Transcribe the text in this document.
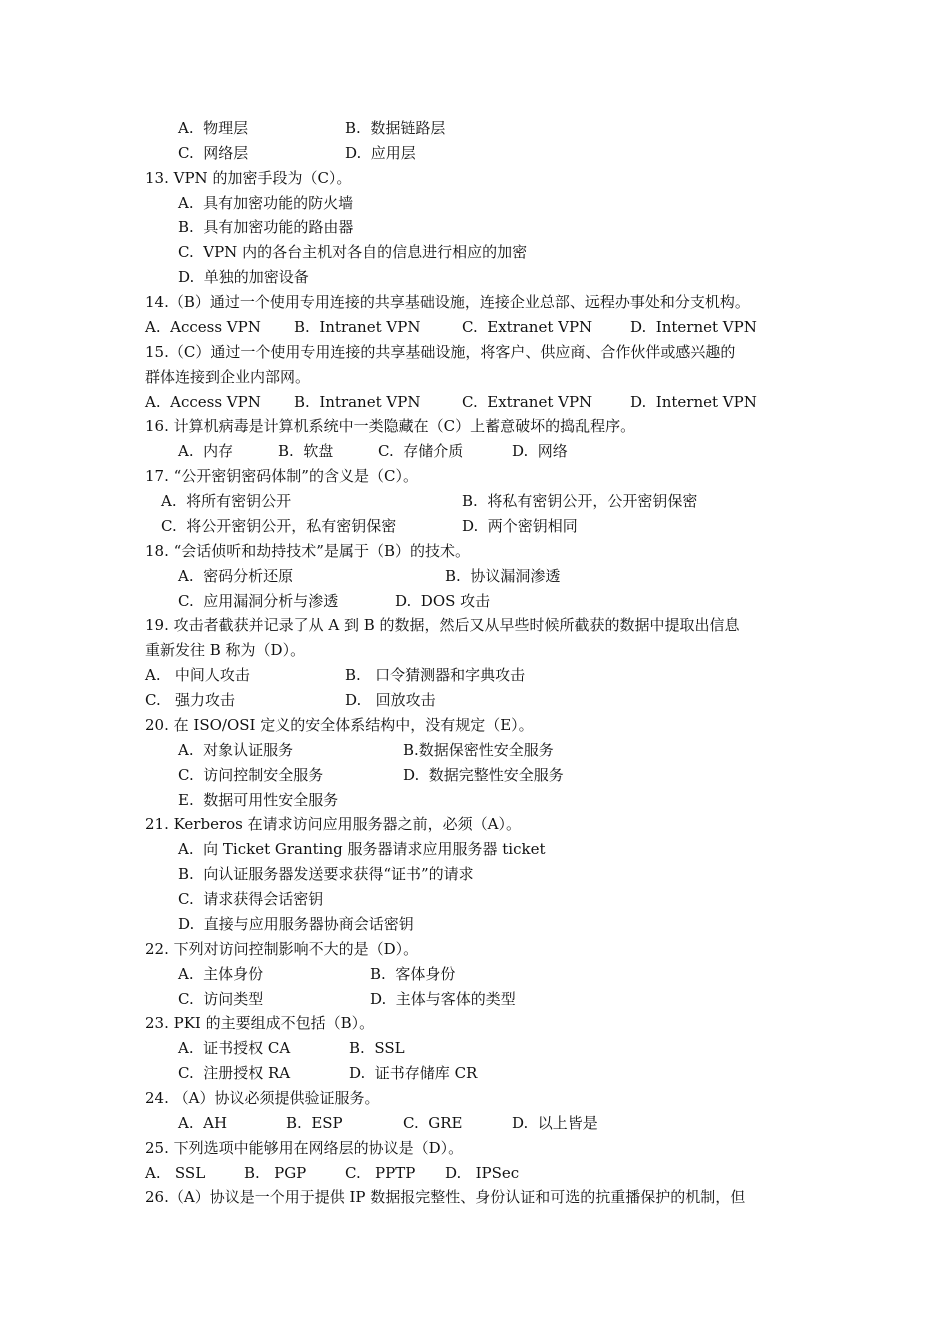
A.  物理层	B.  数据链路层
C.  网络层	D.  应用层
13. VPN 的加密手段为（C）。
A.  具有加密功能的防火墙
B.  具有加密功能的路由器
C.  VPN 内的各台主机对各自的信息进行相应的加密
D.  单独的加密设备
14.（B）通过一个使用专用连接的共享基础设施，连接企业总部、远程办事处和分支机构。
A.  Access VPN B.  Intranet VPN	C.  Extranet VPN	D.  Internet VPN
15.（C）通过一个使用专用连接的共享基础设施，将客户、供应商、合作伙伴或感兴趣的
群体连接到企业内部网。
A.  Access VPN B.  Intranet VPN	C.  Extranet VPN	D.  Internet VPN
16. 计算机病毒是计算机系统中一类隐藏在（C）上蓄意破坏的捣乱程序。
A.  内存	B.  软盘	C.  存储介质	D.  网络
17. “公开密钥密码体制”的含义是（C）。
A.  将所有密钥公开	B.  将私有密钥公开，公开密钥保密
C.  将公开密钥公开，私有密钥保密	D.  两个密钥相同
18. “会话侦听和劫持技术”是属于（B）的技术。
A.  密码分析还原	B.  协议漏洞渗透
C.  应用漏洞分析与渗透	D.  DOS 攻击
19. 攻击者截获并记录了从 A 到 B 的数据，然后又从早些时候所截获的数据中提取出信息
重新发往 B 称为（D）。
A.   中间人攻击	B.   口令猜测器和字典攻击
C.   强力攻击	D.   回放攻击
20. 在 ISO/OSI 定义的安全体系结构中，没有规定（E）。
A.  对象认证服务	B.数据保密性安全服务
C.  访问控制安全服务	D.  数据完整性安全服务
E.  数据可用性安全服务
21. Kerberos 在请求访问应用服务器之前，必须（A）。
A.  向 Ticket Granting 服务器请求应用服务器 ticket
B.  向认证服务器发送要求获得“证书”的请求
C.  请求获得会话密钥
D.  直接与应用服务器协商会话密钥
22. 下列对访问控制影响不大的是（D）。
A.  主体身份	B.  客体身份
C.  访问类型	D.  主体与客体的类型
23. PKI 的主要组成不包括（B）。
A.  证书授权 CA	B.  SSL
C.  注册授权 RA	D.  证书存储库 CR
24. （A）协议必须提供验证服务。
A.  AH	B.  ESP	C.  GRE	D.  以上皆是
25. 下列选项中能够用在网络层的协议是（D）。
A.   SSL	B.   PGP	C.   PPTP D.   IPSec
26.（A）协议是一个用于提供 IP 数据报完整性、身份认证和可选的抗重播保护的机制，但
